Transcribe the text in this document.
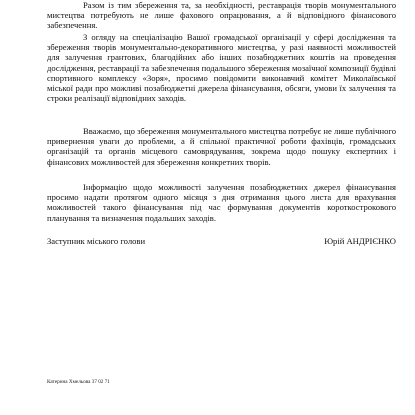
Разом із тим збереження та, за необхідності, реставрація творів монументального мистецтва потребують не лише фахового опрацювання, а й відповідного фінансового забезпечення.

З огляду на спеціалізацію Вашої громадської організації у сфері дослідження та збереження творів монументально-декоративного мистецтва, у разі наявності можливостей для залучення грантових, благодійних або інших позабюджетних коштів на проведення дослідження, реставрації та забезпечення подальшого збереження мозаїчної композиції будівлі спортивного комплексу «Зоря», просимо повідомити виконавчий комітет Миколаївської міської ради про можливі позабюджетні джерела фінансування, обсяги, умови їх залучення та строки реалізації відповідних заходів.

Вважаємо, що збереження монументального мистецтва потребує не лише публічного привернення уваги до проблеми, а й спільної практичної роботи фахівців, громадських організацій та органів місцевого самоврядування, зокрема щодо пошуку експертних і фінансових можливостей для збереження конкретних творів.

Інформацію щодо можливості залучення позабюджетних джерел фінансування просимо надати протягом одного місяця з дня отримання цього листа для врахування можливостей такого фінансування під час формування документів короткострокового планування та визначення подальших заходів.

Заступник міського голови	Юрій АНДРІЄНКО
Катерина Хмельова 37 02 71
